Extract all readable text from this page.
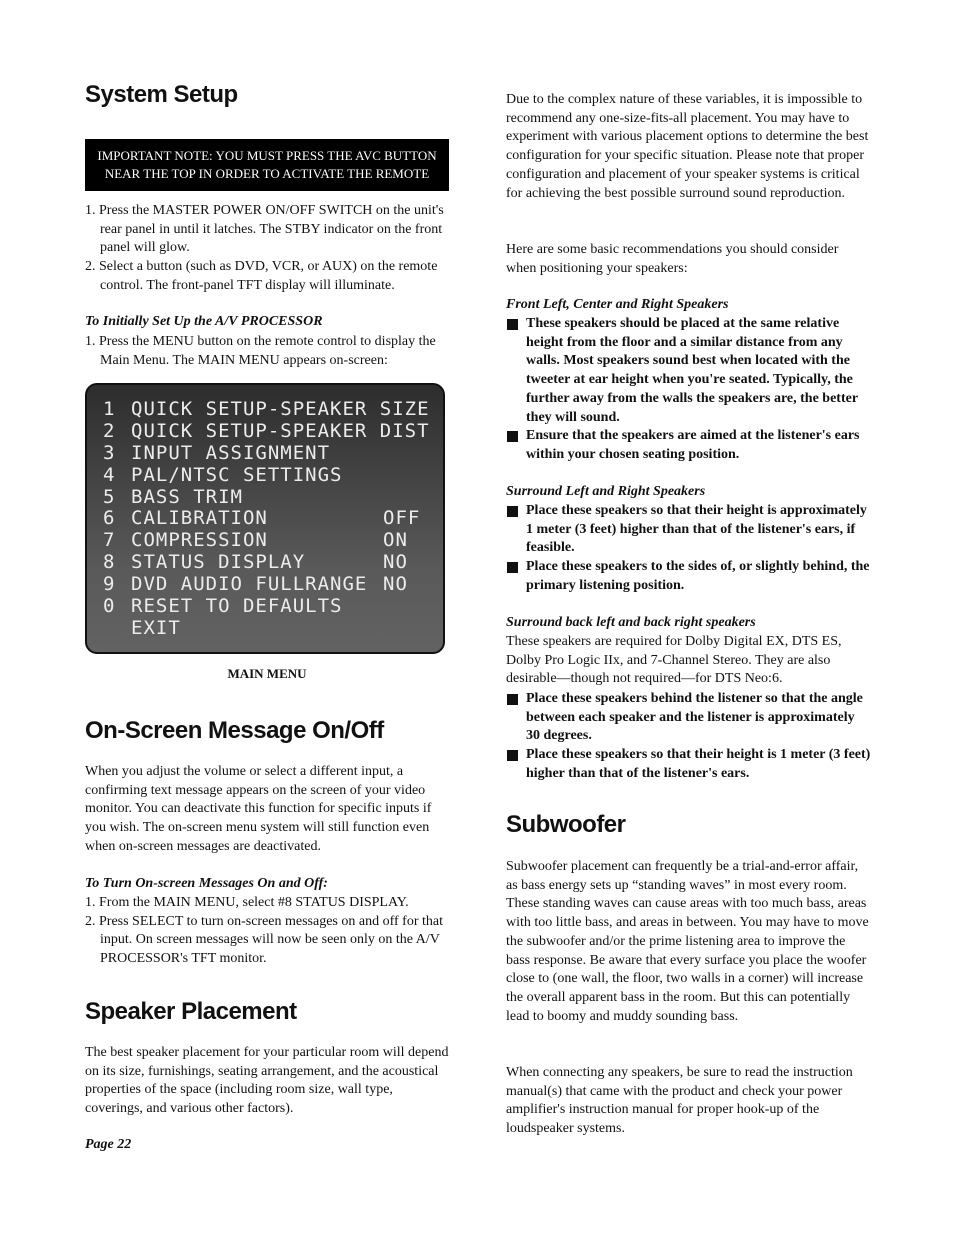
System Setup
IMPORTANT NOTE: YOU MUST PRESS THE AVC BUTTON
NEAR THE TOP IN ORDER TO ACTIVATE THE REMOTE
1. Press the MASTER POWER ON/OFF SWITCH on the unit's rear panel in until it latches. The STBY indicator on the front panel will glow.
2. Select a button (such as DVD, VCR, or AUX) on the remote control. The front-panel TFT display will illuminate.

To Initially Set Up the A/V PROCESSOR

1. Press the MENU button on the remote control to display the Main Menu. The MAIN MENU appears on-screen:
1 QUICK SETUP-SPEAKER SIZE
2 QUICK SETUP-SPEAKER DIST
3 INPUT ASSIGNMENT
4 PAL/NTSC SETTINGS
5 BASS TRIM
6 CALIBRATION	OFF
7 COMPRESSION	ON
8 STATUS DISPLAY	NO
9 DVD AUDIO FULLRANGE NO
0 RESET TO DEFAULTS
EXIT
MAIN MENU
On-Screen Message On/Off

When you adjust the volume or select a different input, a confirming text message appears on the screen of your video monitor. You can deactivate this function for specific inputs if you wish. The on-screen menu system will still function even when on-screen messages are deactivated.

To Turn On-screen Messages On and Off:

1. From the MAIN MENU, select #8 STATUS DISPLAY.
2. Press SELECT to turn on-screen messages on and off for that input. On screen messages will now be seen only on the A/V PROCESSOR's TFT monitor.
Speaker Placement

The best speaker placement for your particular room will depend on its size, furnishings, seating arrangement, and the acoustical properties of the space (including room size, wall type, coverings, and various other factors).

Page 22

Due to the complex nature of these variables, it is impossible to recommend any one-size-fits-all placement. You may have to experiment with various placement options to determine the best configuration for your specific situation. Please note that proper configuration and placement of your speaker systems is critical for achieving the best possible surround sound reproduction.

Here are some basic recommendations you should consider when positioning your speakers:

Front Left, Center and Right Speakers

These speakers should be placed at the same relative height from the floor and a similar distance from any walls. Most speakers sound best when located with the tweeter at ear height when you're seated. Typically, the further away from the walls the speakers are, the better they will sound.
Ensure that the speakers are aimed at the listener's ears within your chosen seating position.

Surround Left and Right Speakers

Place these speakers so that their height is approximately 1 meter (3 feet) higher than that of the listener's ears, if feasible.
Place these speakers to the sides of, or slightly behind, the primary listening position.

Surround back left and back right speakers

These speakers are required for Dolby Digital EX, DTS ES, Dolby Pro Logic IIx, and 7-Channel Stereo. They are also desirable—though not required—for DTS Neo:6.

Place these speakers behind the listener so that the angle between each speaker and the listener is approximately 30 degrees.
Place these speakers so that their height is 1 meter (3 feet) higher than that of the listener's ears.
Subwoofer

Subwoofer placement can frequently be a trial-and-error affair, as bass energy sets up “standing waves” in most every room. These standing waves can cause areas with too much bass, areas with too little bass, and areas in between. You may have to move the subwoofer and/or the prime listening area to improve the bass response. Be aware that every surface you place the woofer close to (one wall, the floor, two walls in a corner) will increase the overall apparent bass in the room. But this can potentially lead to boomy and muddy sounding bass.

When connecting any speakers, be sure to read the instruction manual(s) that came with the product and check your power amplifier's instruction manual for proper hook-up of the loudspeaker systems.
